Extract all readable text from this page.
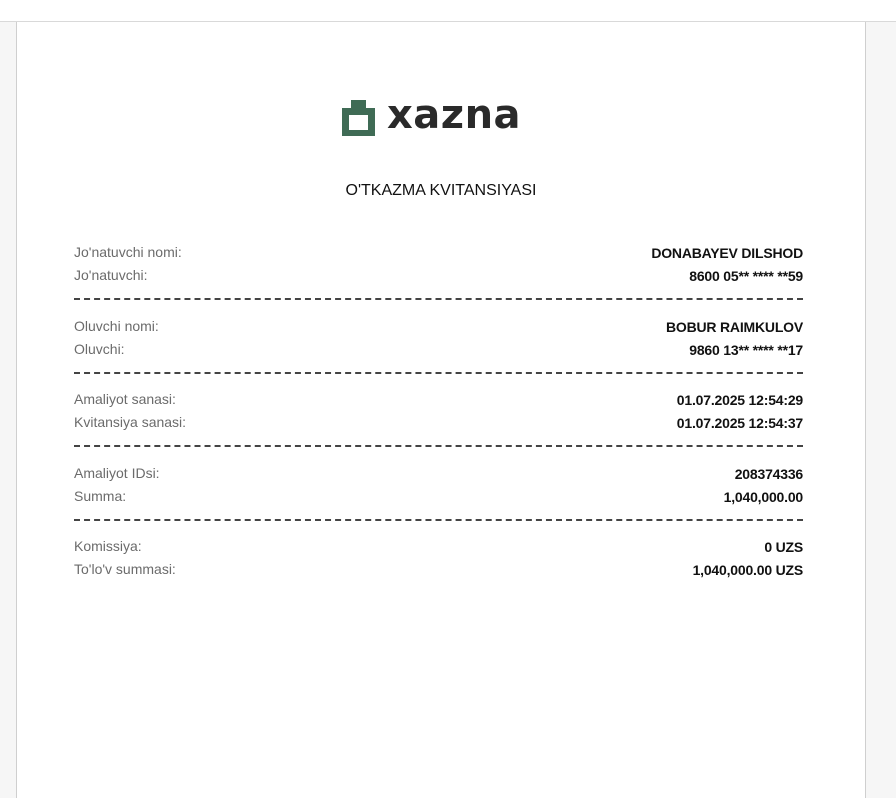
xazna
O'TKAZMA KVITANSIYASI
Jo'natuvchi nomi:	DONABAYEV DILSHOD
Jo'natuvchi:	8600 05** **** **59
Oluvchi nomi:	BOBUR RAIMKULOV
Oluvchi:	9860 13** **** **17
Amaliyot sanasi:	01.07.2025 12:54:29
Kvitansiya sanasi:	01.07.2025 12:54:37
Amaliyot IDsi:	208374336
Summa:	1,040,000.00
Komissiya:	0 UZS
To'lo'v summasi:	1,040,000.00 UZS
